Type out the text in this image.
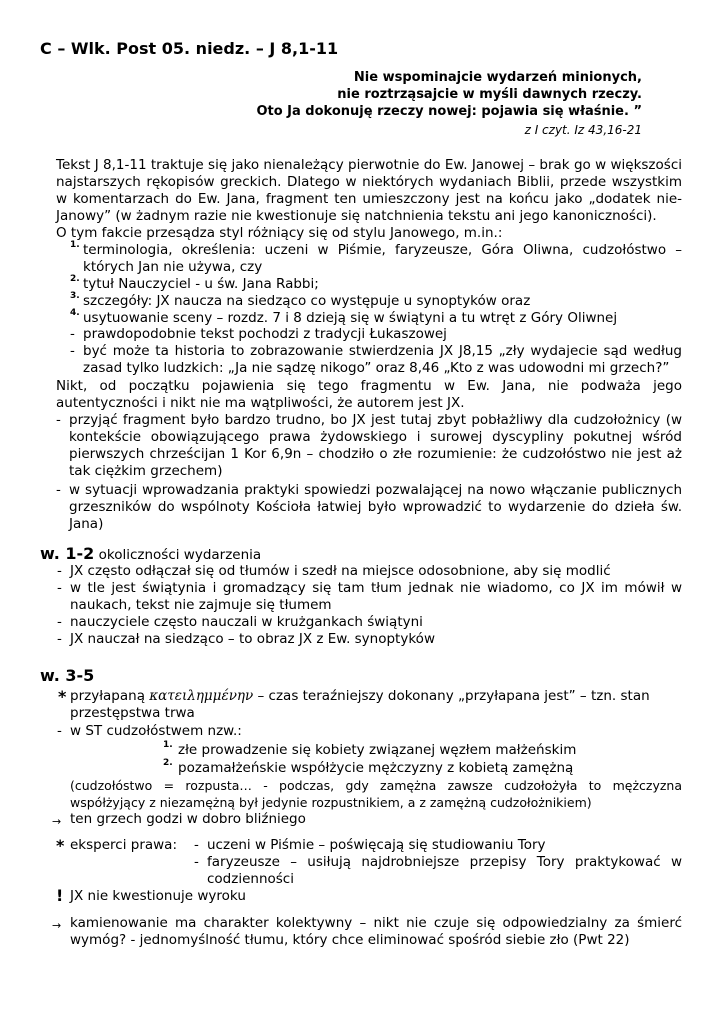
C – Wlk. Post 05. niedz. – J 8,1-11
Nie wspominajcie wydarzeń minionych,
nie roztrząsajcie w myśli dawnych rzeczy.
Oto Ja dokonuję rzeczy nowej: pojawia się właśnie. ”
z I czyt. Iz 43,16-21
Tekst J 8,1-11 traktuje się jako nienależący pierwotnie do Ew. Janowej – brak go w większości najstarszych rękopisów greckich. Dlatego w niektórych wydaniach Biblii, przede wszystkim w komentarzach do Ew. Jana, fragment ten umieszczony jest na końcu jako „dodatek nie-Janowy” (w żadnym razie nie kwestionuje się natchnienia tekstu ani jego kanoniczności).
O tym fakcie przesądza styl różniący się od stylu Janowego, m.in.:
1. terminologia, określenia: uczeni w Piśmie, faryzeusze, Góra Oliwna, cudzołóstwo – których Jan nie używa, czy
2. tytuł Nauczyciel - u św. Jana Rabbi;
3. szczegóły: JX naucza na siedząco co występuje u synoptyków oraz
4. usytuowanie sceny – rozdz. 7 i 8 dzieją się w świątyni a tu wtręt z Góry Oliwnej
- prawdopodobnie tekst pochodzi z tradycji Łukaszowej
- być może ta historia to zobrazowanie stwierdzenia JX J8,15 „zły wydajecie sąd według zasad tylko ludzkich: „Ja nie sądzę nikogo” oraz 8,46 „Kto z was udowodni mi grzech?”
Nikt, od początku pojawienia się tego fragmentu w Ew. Jana, nie podważa jego autentyczności i nikt nie ma wątpliwości, że autorem jest JX.
- przyjąć fragment było bardzo trudno, bo JX jest tutaj zbyt pobłażliwy dla cudzołożnicy (w kontekście obowiązującego prawa żydowskiego i surowej dyscypliny pokutnej wśród pierwszych chrześcijan 1 Kor 6,9n – chodziło o złe rozumienie: że cudzołóstwo nie jest aż tak ciężkim grzechem)
- w sytuacji wprowadzania praktyki spowiedzi pozwalającej na nowo włączanie publicznych grzeszników do wspólnoty Kościoła łatwiej było wprowadzić to wydarzenie do dzieła św. Jana)
w. 1-2 okoliczności wydarzenia
- JX często odłączał się od tłumów i szedł na miejsce odosobnione, aby się modlić
- w tle jest świątynia i gromadzący się tam tłum jednak nie wiadomo, co JX im mówił w naukach, tekst nie zajmuje się tłumem
- nauczyciele często nauczali w krużgankach świątyni
- JX nauczał na siedząco – to obraz JX z Ew. synoptyków
w. 3-5
* przyłapaną κατειλημμένην – czas teraźniejszy dokonany „przyłapana jest” – tzn. stan przestępstwa trwa
- w ST cudzołóstwem nzw.:
1. złe prowadzenie się kobiety związanej węzłem małżeńskim
2. pozamałżeńskie współżycie mężczyzny z kobietą zamężną
(cudzołóstwo = rozpusta… - podczas, gdy zamężna zawsze cudzołożyła to mężczyzna współżyjący z niezamężną był jedynie rozpustnikiem, a z zamężną cudzołożnikiem)
→ ten grzech godzi w dobro bliźniego
* eksperci prawa:
- uczeni w Piśmie – poświęcają się studiowaniu Tory
- faryzeusze – usiłują najdrobniejsze przepisy Tory praktykować w codzienności
! JX nie kwestionuje wyroku
→ kamienowanie ma charakter kolektywny – nikt nie czuje się odpowiedzialny za śmierć wymóg? - jednomyślność tłumu, który chce eliminować spośród siebie zło (Pwt 22)
